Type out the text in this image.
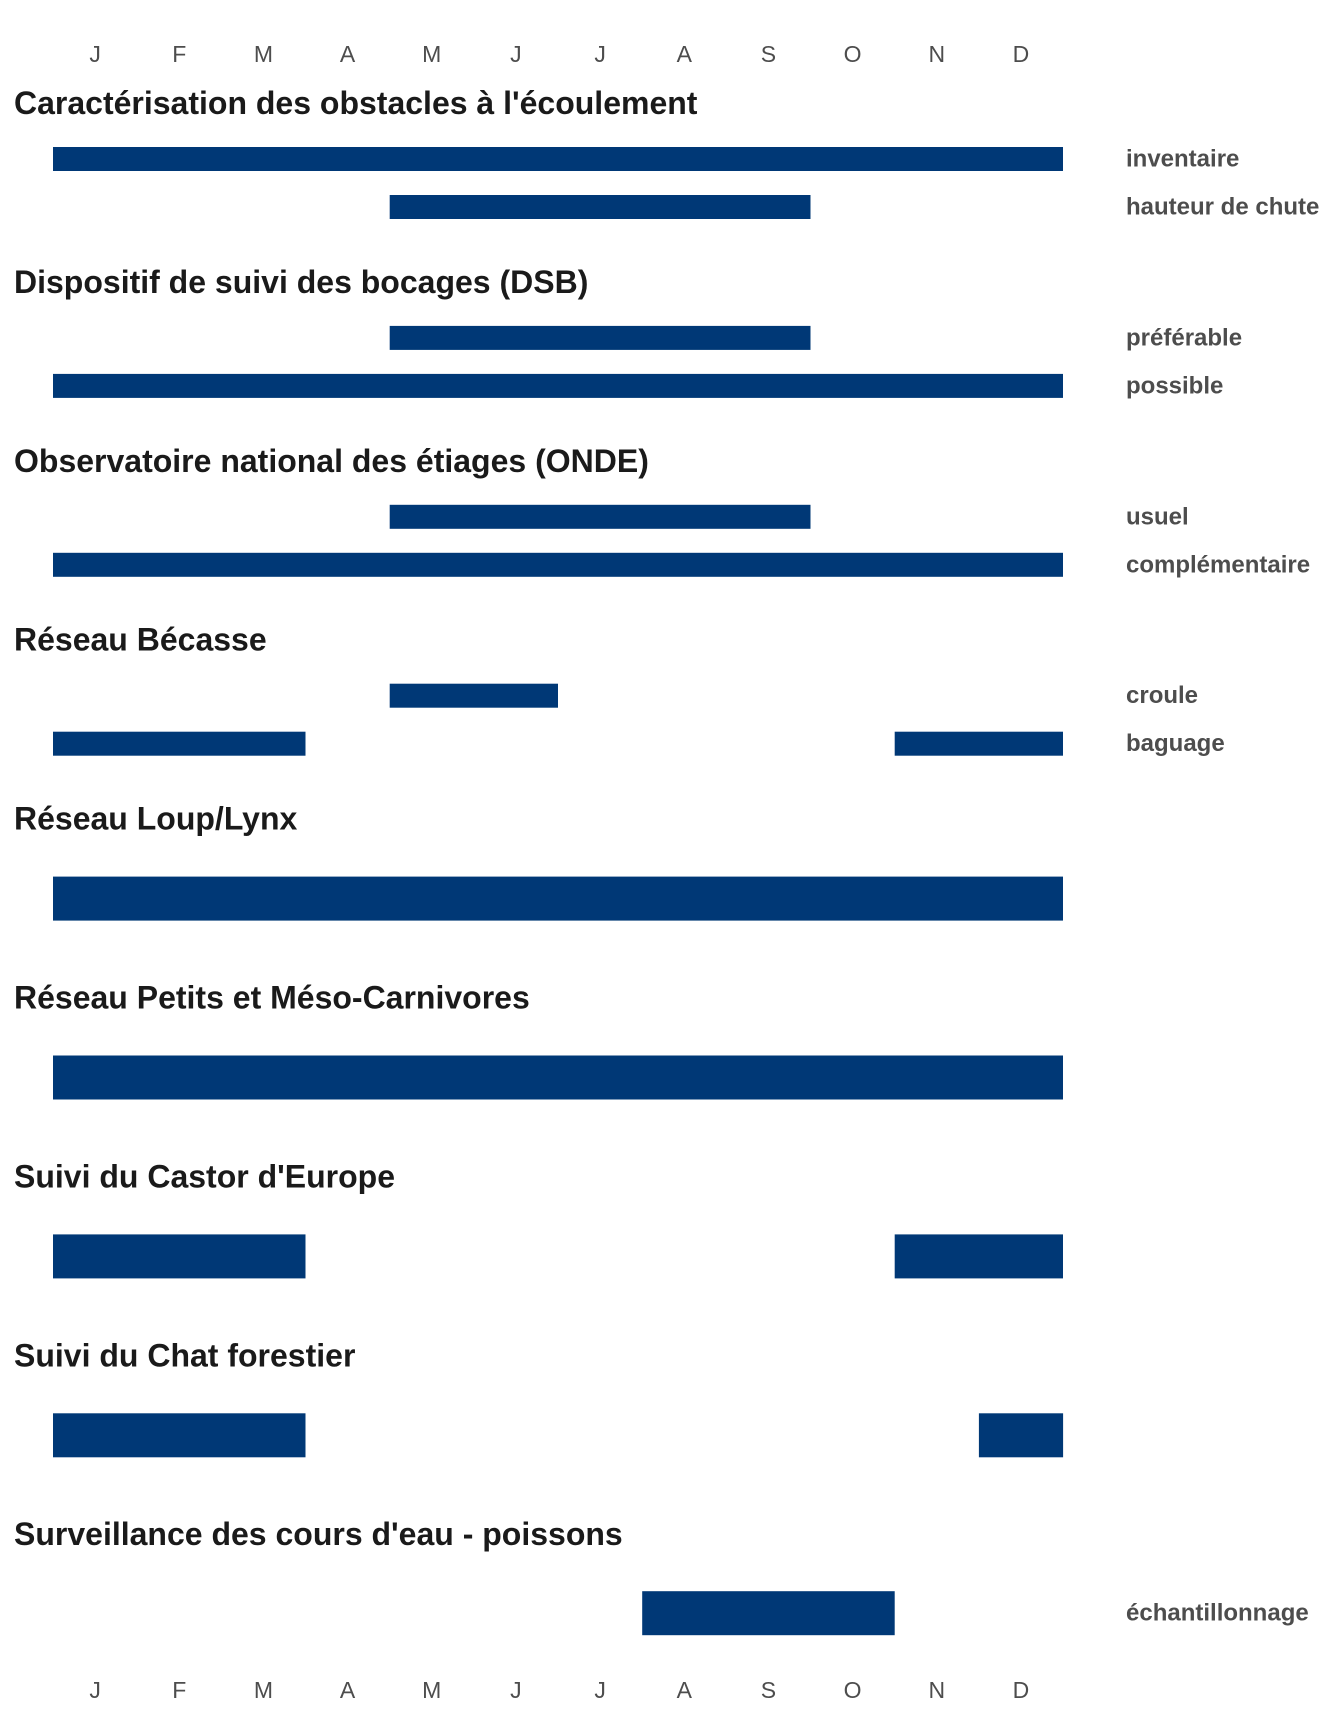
J	F	M	A	M	J	J	A	S	O	N	D
J	F	M	A	M	J	J	A	S	O	N	D
Caractérisation des obstacles à l'écoulement
inventaire
hauteur de chute
Dispositif de suivi des bocages (DSB)
préférable
possible
Observatoire national des étiages (ONDE)
usuel
complémentaire
Réseau Bécasse
croule
baguage
Réseau Loup/Lynx
Réseau Petits et Méso-Carnivores
Suivi du Castor d'Europe
Suivi du Chat forestier
Surveillance des cours d'eau - poissons
échantillonnage
